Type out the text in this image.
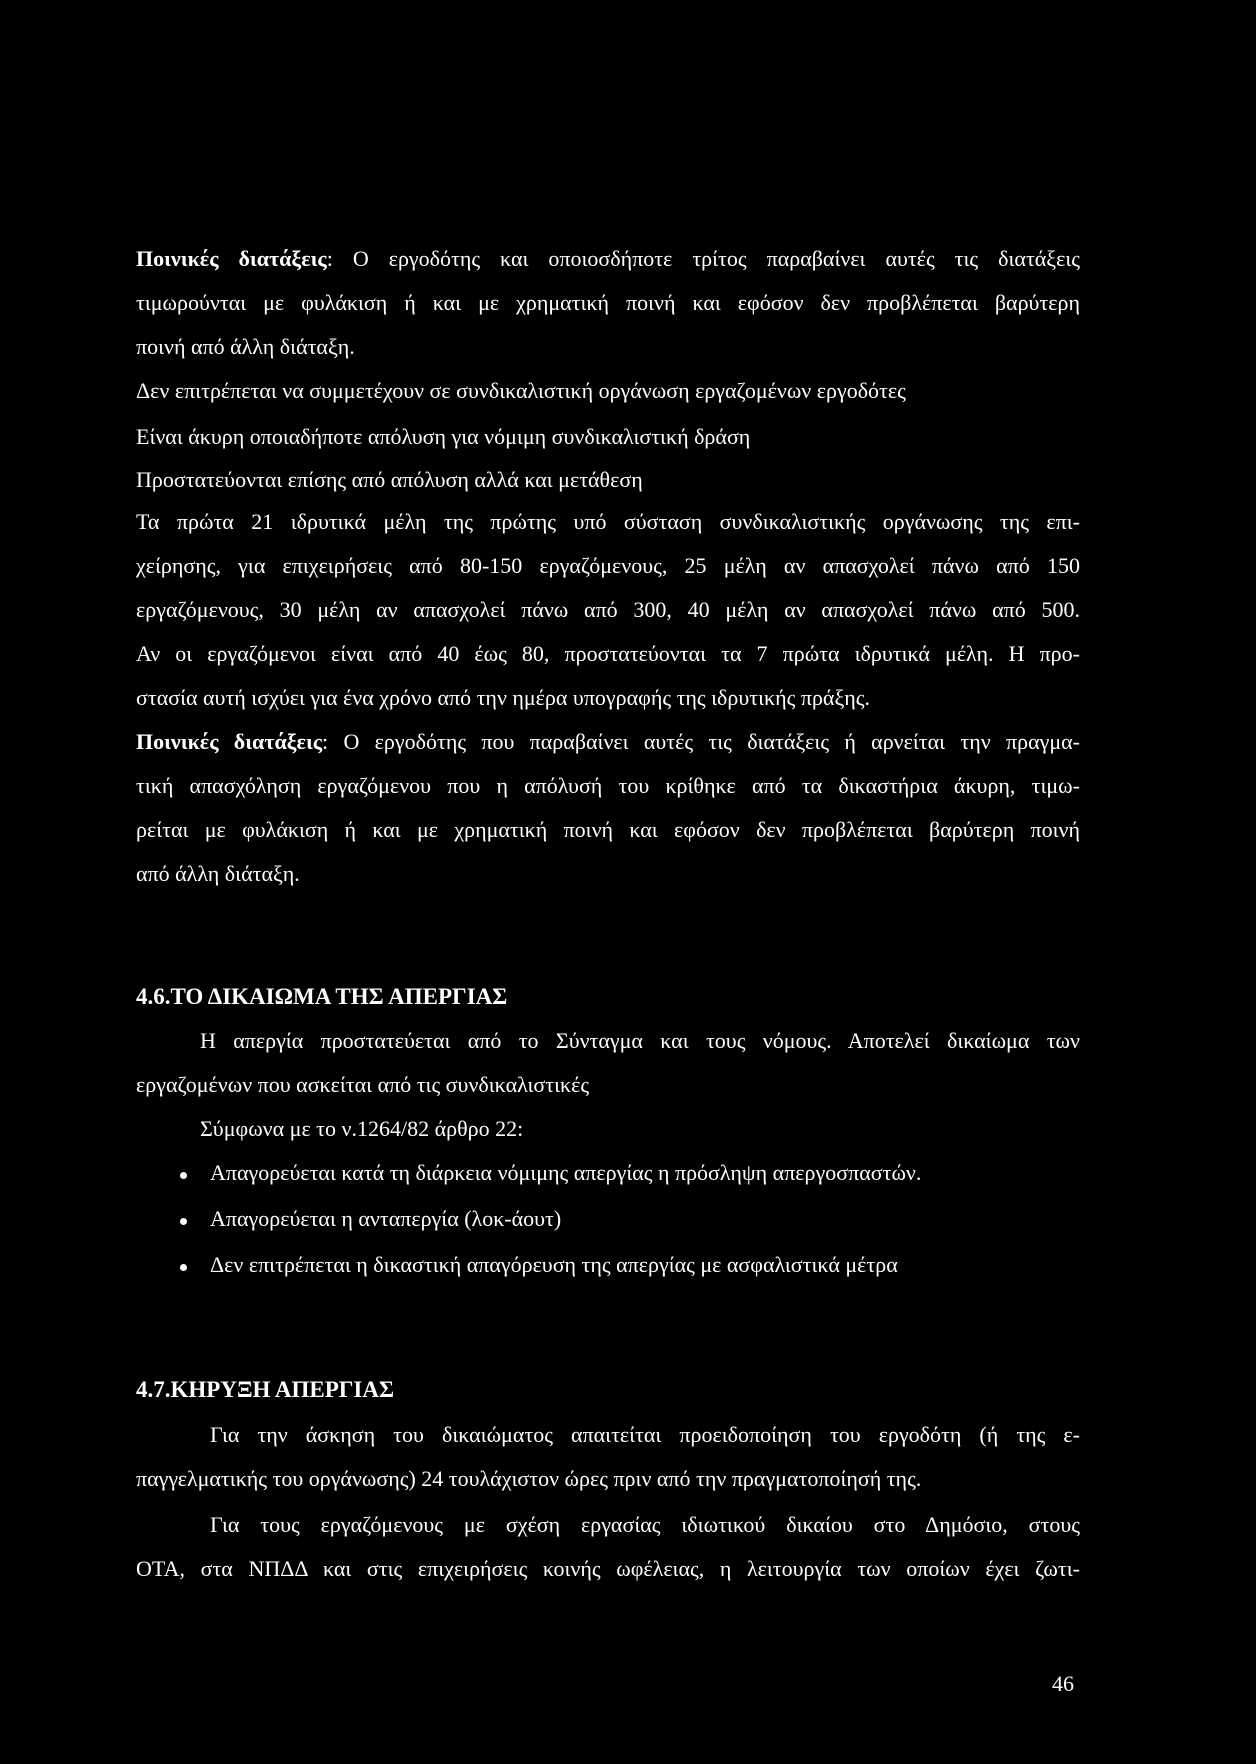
Ποινικές διατάξεις: Ο εργοδότης και οποιοσδήποτε τρίτος παραβαίνει αυτές τις διατάξεις
τιμωρούνται με φυλάκιση ή και με χρηματική ποινή και εφόσον δεν προβλέπεται βαρύτερη
ποινή από άλλη διάταξη.
Δεν επιτρέπεται να συμμετέχουν σε συνδικαλιστική οργάνωση εργαζομένων εργοδότες
Είναι άκυρη οποιαδήποτε απόλυση για νόμιμη συνδικαλιστική δράση
Προστατεύονται επίσης από απόλυση αλλά και μετάθεση
Τα πρώτα 21 ιδρυτικά μέλη της πρώτης υπό σύσταση συνδικαλιστικής οργάνωσης της επι-
χείρησης, για επιχειρήσεις από 80-150 εργαζόμενους, 25 μέλη αν απασχολεί πάνω από 150
εργαζόμενους, 30 μέλη αν απασχολεί πάνω από 300, 40 μέλη αν απασχολεί πάνω από 500.
Αν οι εργαζόμενοι είναι από 40 έως 80, προστατεύονται τα 7 πρώτα ιδρυτικά μέλη. Η προ-
στασία αυτή ισχύει για ένα χρόνο από την ημέρα υπογραφής της ιδρυτικής πράξης.
Ποινικές διατάξεις: Ο εργοδότης που παραβαίνει αυτές τις διατάξεις ή αρνείται την πραγμα-
τική απασχόληση εργαζόμενου που η απόλυσή του κρίθηκε από τα δικαστήρια άκυρη, τιμω-
ρείται με φυλάκιση ή και με χρηματική ποινή και εφόσον δεν προβλέπεται βαρύτερη ποινή
από άλλη διάταξη.
4.6.ΤΟ ΔΙΚΑΙΩΜΑ ΤΗΣ ΑΠΕΡΓΙΑΣ
Η απεργία προστατεύεται από το Σύνταγμα και τους νόμους. Αποτελεί δικαίωμα των
εργαζομένων που ασκείται από τις συνδικαλιστικές
Σύμφωνα με το ν.1264/82 άρθρο 22:
Απαγορεύεται κατά τη διάρκεια νόμιμης απεργίας η πρόσληψη απεργοσπαστών.
Απαγορεύεται η ανταπεργία (λοκ-άουτ)
Δεν επιτρέπεται η δικαστική απαγόρευση της απεργίας με ασφαλιστικά μέτρα
4.7.ΚΗΡΥΞΗ ΑΠΕΡΓΙΑΣ
Για την άσκηση του δικαιώματος απαιτείται προειδοποίηση του εργοδότη (ή της ε-
παγγελματικής του οργάνωσης) 24 τουλάχιστον ώρες πριν από την πραγματοποίησή της.
Για τους εργαζόμενους με σχέση εργασίας ιδιωτικού δικαίου στο Δημόσιο, στους
ΟΤΑ, στα ΝΠΔΔ και στις επιχειρήσεις κοινής ωφέλειας, η λειτουργία των οποίων έχει ζωτι-
46
